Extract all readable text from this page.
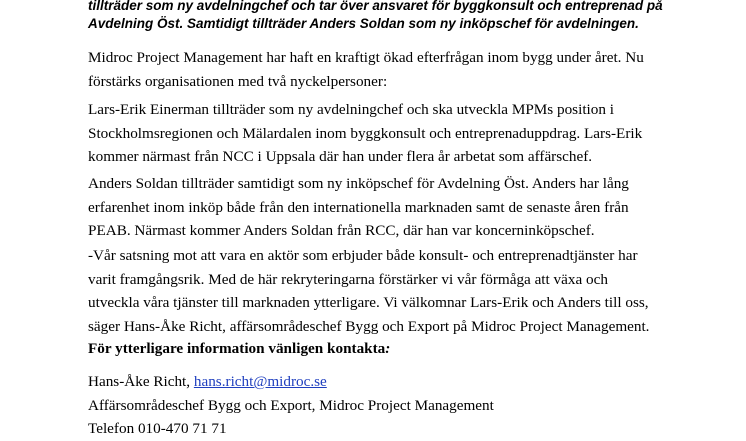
tillträder som ny avdelningchef och tar över ansvaret för byggkonsult och entreprenad på
Avdelning Öst. Samtidigt tillträder Anders Soldan som ny inköpschef för avdelningen.
Midroc Project Management har haft en kraftigt ökad efterfrågan inom bygg under året. Nu
förstärks organisationen med två nyckelpersoner:
Lars-Erik Einerman tillträder som ny avdelningchef och ska utveckla MPMs position i
Stockholmsregionen och Mälardalen inom byggkonsult och entreprenaduppdrag. Lars-Erik
kommer närmast från NCC i Uppsala där han under flera år arbetat som affärschef.
Anders Soldan tillträder samtidigt som ny inköpschef för Avdelning Öst. Anders har lång
erfarenhet inom inköp både från den internationella marknaden samt de senaste åren från
PEAB. Närmast kommer Anders Soldan från RCC, där han var koncerninköpschef.
-Vår satsning mot att vara en aktör som erbjuder både konsult- och entreprenadtjänster har
varit framgångsrik. Med de här rekryteringarna förstärker vi vår förmåga att växa och
utveckla våra tjänster till marknaden ytterligare. Vi välkomnar Lars-Erik och Anders till oss,
säger Hans-Åke Richt, affärsområdeschef Bygg och Export på Midroc Project Management.
För ytterligare information vänligen kontakta:
Hans-Åke Richt, hans.richt@midroc.se
Affärsområdeschef Bygg och Export, Midroc Project Management
Telefon 010-470 71 71
